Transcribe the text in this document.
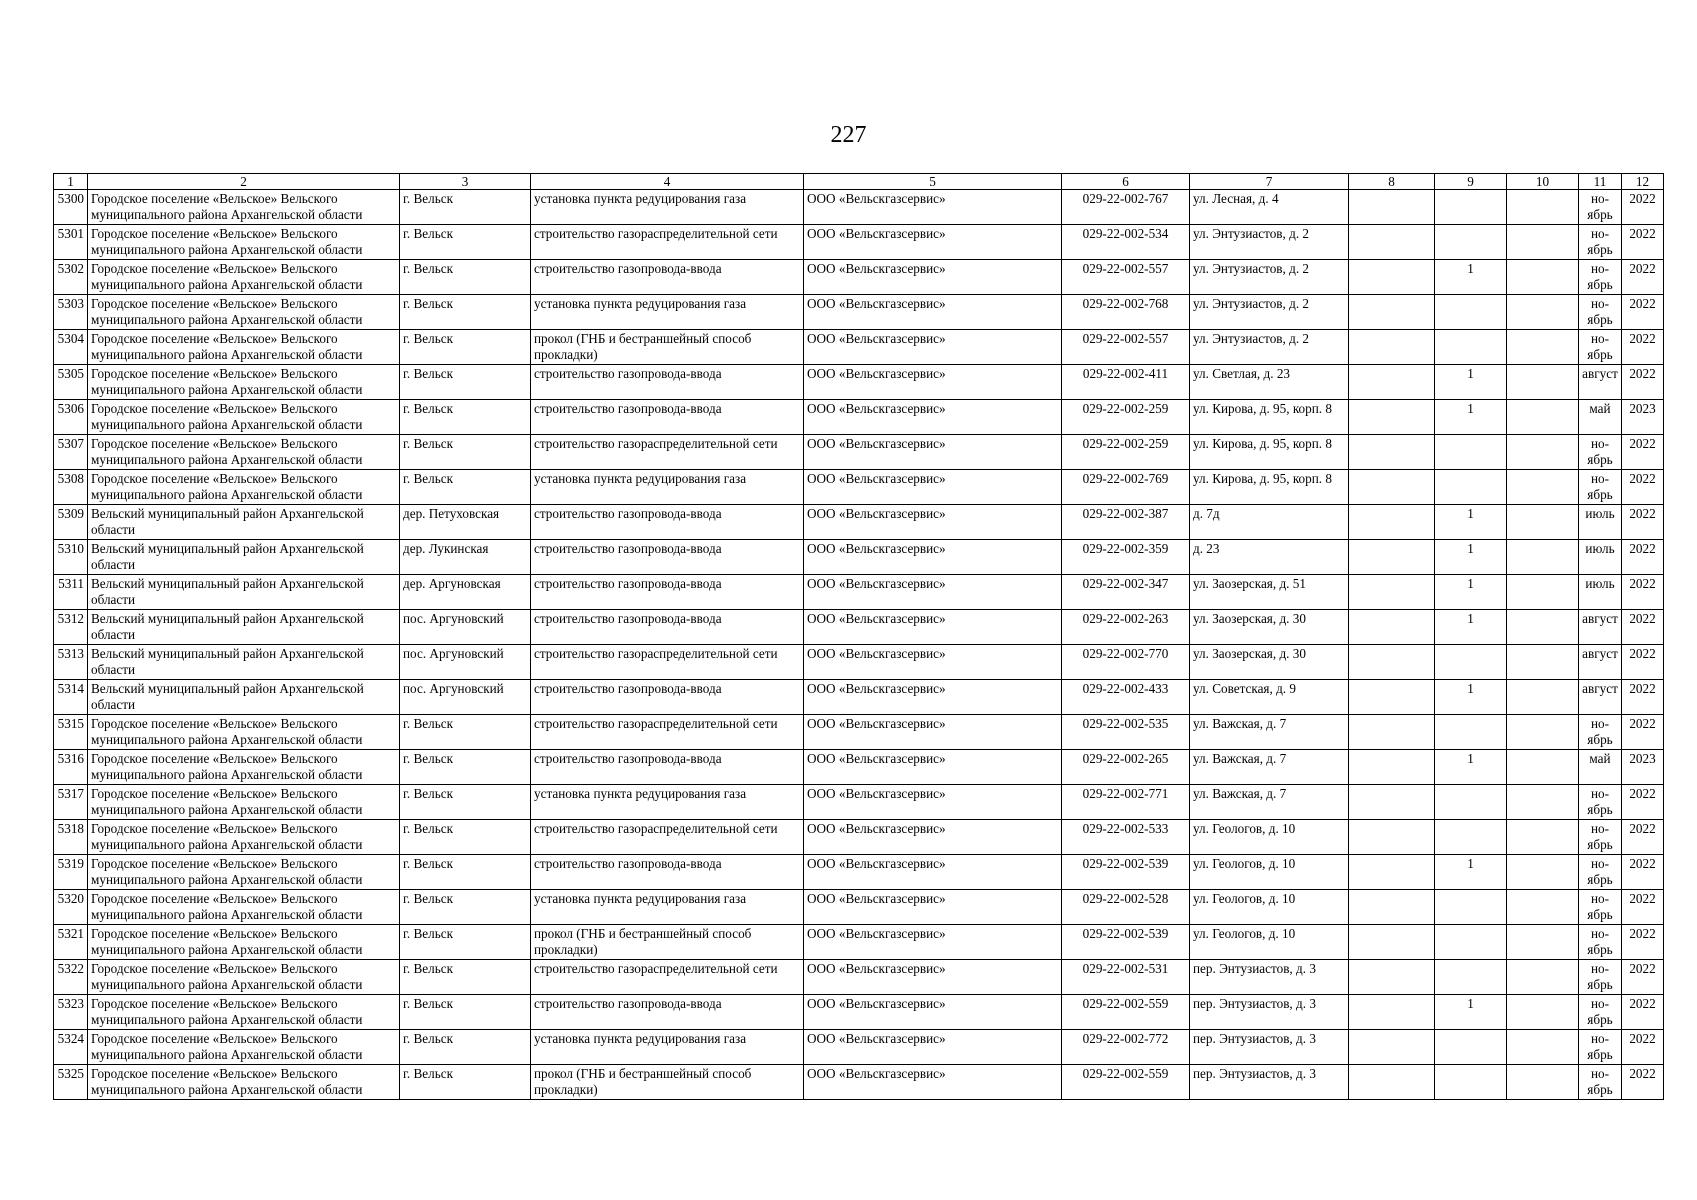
227
1	2	3	4	5	6	7	8	9	10	11	12
5300	Городское поселение «Вельское» Вельского муниципального района Архангельской области	г. Вельск	установка пункта редуцирования газа	ООО «Вельскгазсервис»	029-22-002-767	ул. Лесная, д. 4				но-ябрь	2022
5301	Городское поселение «Вельское» Вельского муниципального района Архангельской области	г. Вельск	строительство газораспределительной сети	ООО «Вельскгазсервис»	029-22-002-534	ул. Энтузиастов, д. 2				но-ябрь	2022
5302	Городское поселение «Вельское» Вельского муниципального района Архангельской области	г. Вельск	строительство газопровода-ввода	ООО «Вельскгазсервис»	029-22-002-557	ул. Энтузиастов, д. 2		1		но-ябрь	2022
5303	Городское поселение «Вельское» Вельского муниципального района Архангельской области	г. Вельск	установка пункта редуцирования газа	ООО «Вельскгазсервис»	029-22-002-768	ул. Энтузиастов, д. 2				но-ябрь	2022
5304	Городское поселение «Вельское» Вельского муниципального района Архангельской области	г. Вельск	прокол (ГНБ и бестраншейный способ прокладки)	ООО «Вельскгазсервис»	029-22-002-557	ул. Энтузиастов, д. 2				но-ябрь	2022
5305	Городское поселение «Вельское» Вельского муниципального района Архангельской области	г. Вельск	строительство газопровода-ввода	ООО «Вельскгазсервис»	029-22-002-411	ул. Светлая, д. 23		1		август	2022
5306	Городское поселение «Вельское» Вельского муниципального района Архангельской области	г. Вельск	строительство газопровода-ввода	ООО «Вельскгазсервис»	029-22-002-259	ул. Кирова, д. 95, корп. 8		1		май	2023
5307	Городское поселение «Вельское» Вельского муниципального района Архангельской области	г. Вельск	строительство газораспределительной сети	ООО «Вельскгазсервис»	029-22-002-259	ул. Кирова, д. 95, корп. 8				но-ябрь	2022
5308	Городское поселение «Вельское» Вельского муниципального района Архангельской области	г. Вельск	установка пункта редуцирования газа	ООО «Вельскгазсервис»	029-22-002-769	ул. Кирова, д. 95, корп. 8				но-ябрь	2022
5309	Вельский муниципальный район Архангельской области	дер. Петуховская	строительство газопровода-ввода	ООО «Вельскгазсервис»	029-22-002-387	д. 7д		1		июль	2022
5310	Вельский муниципальный район Архангельской области	дер. Лукинская	строительство газопровода-ввода	ООО «Вельскгазсервис»	029-22-002-359	д. 23		1		июль	2022
5311	Вельский муниципальный район Архангельской области	дер. Аргуновская	строительство газопровода-ввода	ООО «Вельскгазсервис»	029-22-002-347	ул. Заозерская, д. 51		1		июль	2022
5312	Вельский муниципальный район Архангельской области	пос. Аргуновский	строительство газопровода-ввода	ООО «Вельскгазсервис»	029-22-002-263	ул. Заозерская, д. 30		1		август	2022
5313	Вельский муниципальный район Архангельской области	пос. Аргуновский	строительство газораспределительной сети	ООО «Вельскгазсервис»	029-22-002-770	ул. Заозерская, д. 30				август	2022
5314	Вельский муниципальный район Архангельской области	пос. Аргуновский	строительство газопровода-ввода	ООО «Вельскгазсервис»	029-22-002-433	ул. Советская, д. 9		1		август	2022
5315	Городское поселение «Вельское» Вельского муниципального района Архангельской области	г. Вельск	строительство газораспределительной сети	ООО «Вельскгазсервис»	029-22-002-535	ул. Важская, д. 7				но-ябрь	2022
5316	Городское поселение «Вельское» Вельского муниципального района Архангельской области	г. Вельск	строительство газопровода-ввода	ООО «Вельскгазсервис»	029-22-002-265	ул. Важская, д. 7		1		май	2023
5317	Городское поселение «Вельское» Вельского муниципального района Архангельской области	г. Вельск	установка пункта редуцирования газа	ООО «Вельскгазсервис»	029-22-002-771	ул. Важская, д. 7				но-ябрь	2022
5318	Городское поселение «Вельское» Вельского муниципального района Архангельской области	г. Вельск	строительство газораспределительной сети	ООО «Вельскгазсервис»	029-22-002-533	ул. Геологов, д. 10				но-ябрь	2022
5319	Городское поселение «Вельское» Вельского муниципального района Архангельской области	г. Вельск	строительство газопровода-ввода	ООО «Вельскгазсервис»	029-22-002-539	ул. Геологов, д. 10		1		но-ябрь	2022
5320	Городское поселение «Вельское» Вельского муниципального района Архангельской области	г. Вельск	установка пункта редуцирования газа	ООО «Вельскгазсервис»	029-22-002-528	ул. Геологов, д. 10				но-ябрь	2022
5321	Городское поселение «Вельское» Вельского муниципального района Архангельской области	г. Вельск	прокол (ГНБ и бестраншейный способ прокладки)	ООО «Вельскгазсервис»	029-22-002-539	ул. Геологов, д. 10				но-ябрь	2022
5322	Городское поселение «Вельское» Вельского муниципального района Архангельской области	г. Вельск	строительство газораспределительной сети	ООО «Вельскгазсервис»	029-22-002-531	пер. Энтузиастов, д. 3				но-ябрь	2022
5323	Городское поселение «Вельское» Вельского муниципального района Архангельской области	г. Вельск	строительство газопровода-ввода	ООО «Вельскгазсервис»	029-22-002-559	пер. Энтузиастов, д. 3		1		но-ябрь	2022
5324	Городское поселение «Вельское» Вельского муниципального района Архангельской области	г. Вельск	установка пункта редуцирования газа	ООО «Вельскгазсервис»	029-22-002-772	пер. Энтузиастов, д. 3				но-ябрь	2022
5325	Городское поселение «Вельское» Вельского муниципального района Архангельской области	г. Вельск	прокол (ГНБ и бестраншейный способ прокладки)	ООО «Вельскгазсервис»	029-22-002-559	пер. Энтузиастов, д. 3				но-ябрь	2022
